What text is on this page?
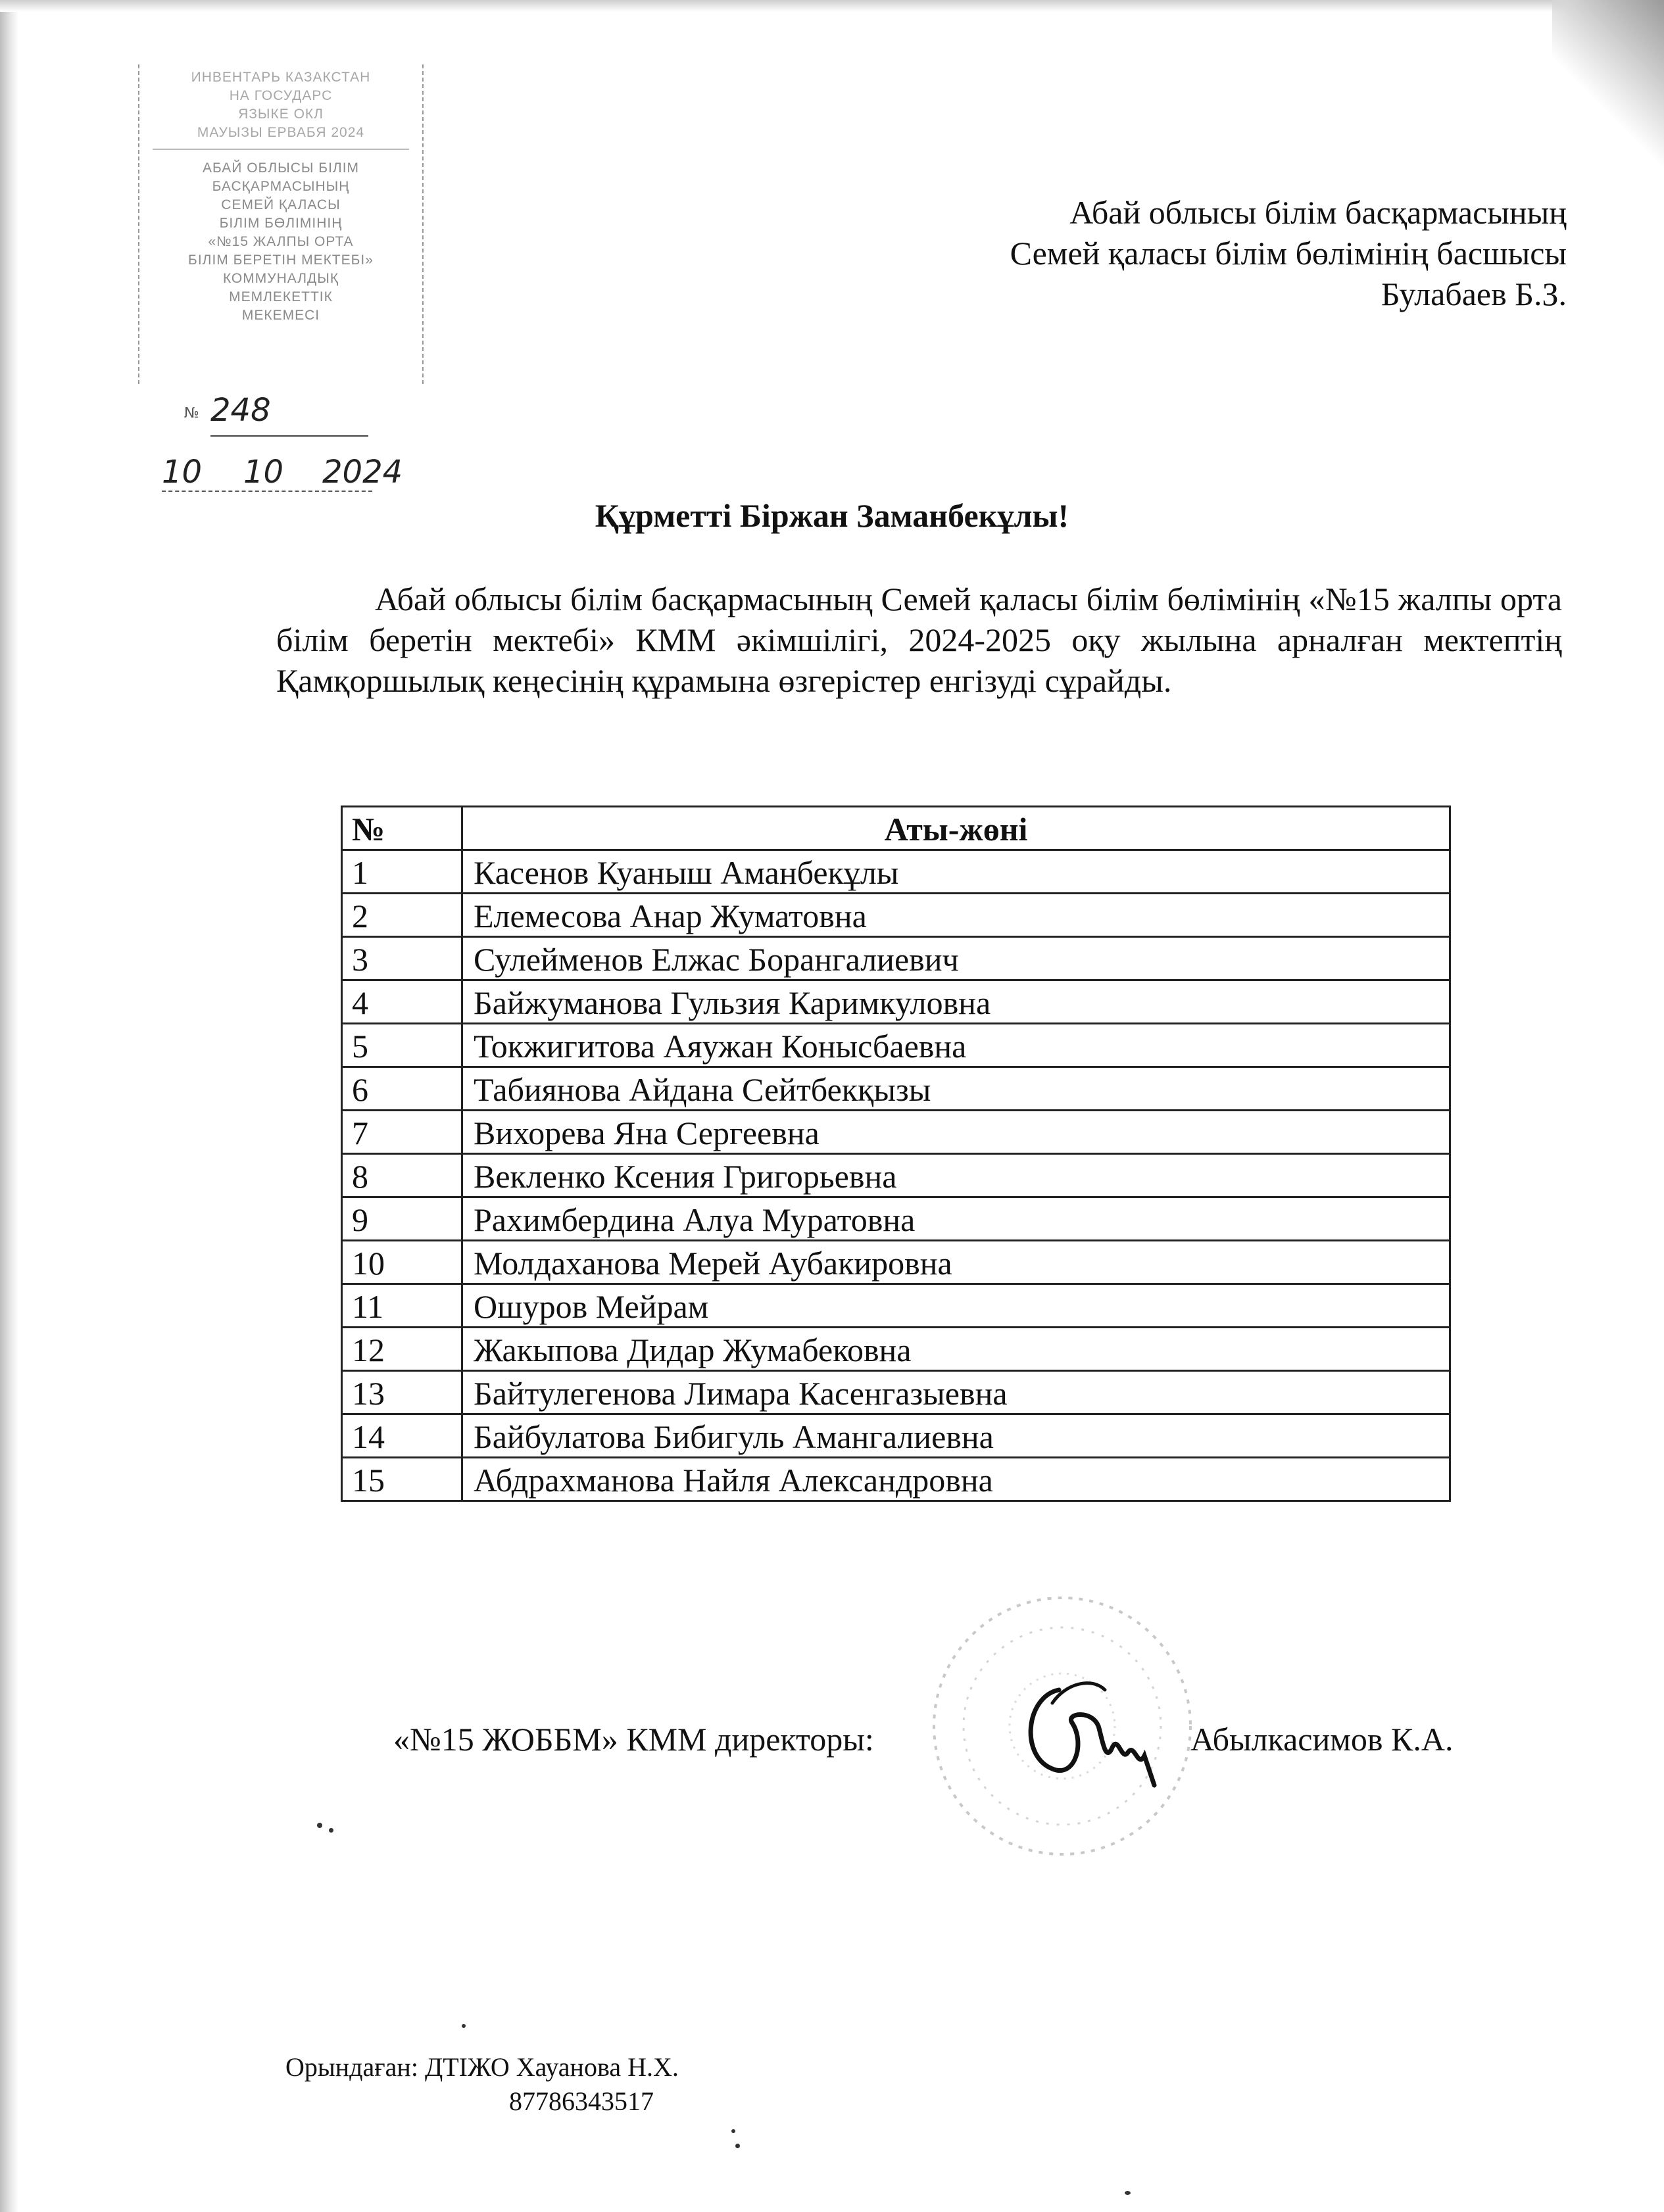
ИНВЕНТАРЬ КАЗАКСТАН
НА ГОСУДАРС
ЯЗЫКЕ ОКЛ
МАУЫЗЫ ЕРВАБЯ 2024
АБАЙ ОБЛЫСЫ БІЛІМ
БАСҚАРМАСЫНЫҢ
СЕМЕЙ ҚАЛАСЫ
БІЛІМ БӨЛІМІНІҢ
«№15 ЖАЛПЫ ОРТА
БІЛІМ БЕРЕТІН МЕКТЕБІ»
КОММУНАЛДЫҚ
МЕМЛЕКЕТТІК
МЕКЕМЕСІ
№ 248
10 10 2024
Абай облысы білім басқармасының
Семей қаласы білім бөлімінің басшысы
Булабаев Б.З.
Құрметті Біржан Заманбекұлы!
Абай облысы білім басқармасының Семей қаласы білім бөлімінің «№15 жалпы орта білім беретін мектебі» КММ әкімшілігі, 2024-2025 оқу жылына арналған мектептің Қамқоршылық кеңесінің құрамына өзгерістер енгізуді сұрайды.
№	Аты-жөні
1	Касенов Куаныш Аманбекұлы
2	Елемесова Анар Жуматовна
3	Сулейменов Елжас Борангалиевич
4	Байжуманова Гульзия Каримкуловна
5	Токжигитова Аяужан Конысбаевна
6	Табиянова Айдана Сейтбекқызы
7	Вихорева Яна Сергеевна
8	Векленко Ксения Григорьевна
9	Рахимбердина Алуа Муратовна
10	Молдаханова Мерей Аубакировна
11	Ошуров Мейрам
12	Жакыпова Дидар Жумабековна
13	Байтулегенова Лимара Касенгазыевна
14	Байбулатова Бибигуль Амангалиевна
15	Абдрахманова Найля Александровна
«№15 ЖОББМ» КММ директоры:	Абылкасимов К.А.
Орындаған: ДТІЖО Хауанова Н.Х.
87786343517
